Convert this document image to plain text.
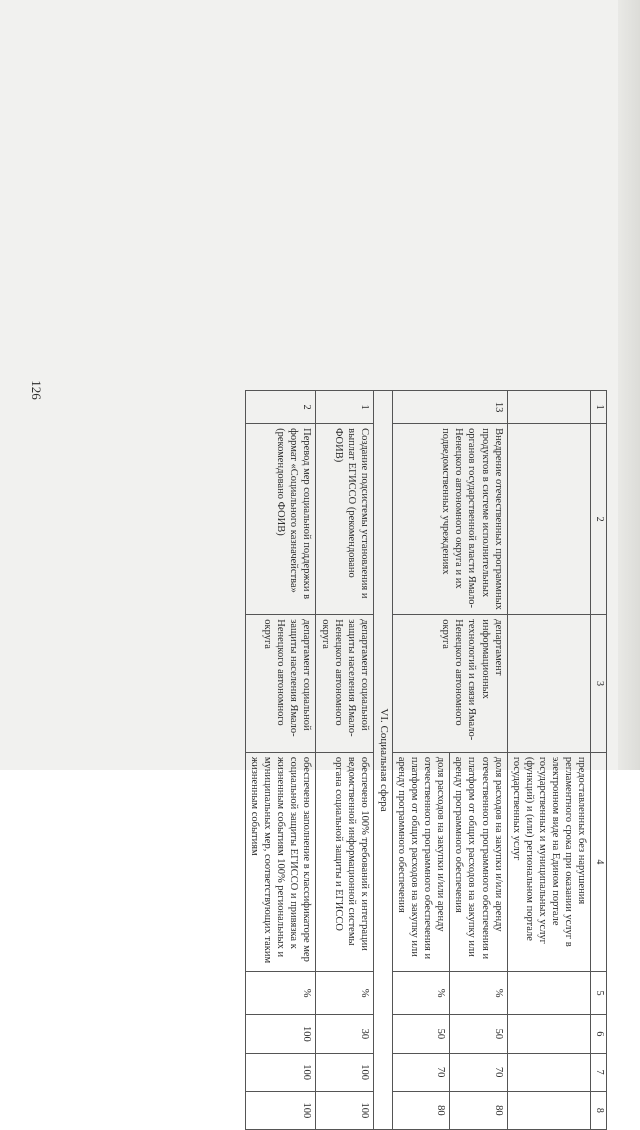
126
1	2	3	4	5	6	7	8
			предоставленных без нарушения регламентного срока при оказании услуг в электронном виде на Едином портале государственных и муниципальных услуг (функций) и (или) региональном портале государственных услуг				
13	Внедрение отечественных программных продуктов в системе исполнительных органов государственной власти Ямало-Ненецкого автономного округа и их подведомственных учреждениях	департамент информационных технологий и связи Ямало-Ненецкого автономного округа	доля расходов на закупки и/или аренду отечественного программного обеспечения и платформ от общих расходов на закупку или аренду программного обеспечения	%	50	70	80
			доля расходов на закупки и/или аренду отечественного программного обеспечения и платформ от общих расходов на закупку или аренду программного обеспечения	%	50	70	80
VI. Социальная сфера							
1	Создание подсистемы установления и выплат ЕГИССО (рекомендовано ФОИВ)	департамент социальной защиты населения Ямало-Ненецкого автономного округа	обеспечено 100% требований к интеграции ведомственной информационной системы органа социальной защиты и ЕГИССО	%	30	100	100
2	Перевод мер социальной поддержки в формат «Социального казначейства» (рекомендовано ФОИВ)	департамент социальной защиты населения Ямало-Ненецкого автономного округа	обеспечено заполнение в классификаторе мер социальной защиты ЕГИССО и привязка к жизненным событиям 100% региональных и муниципальных мер, соответствующих таким жизненным событиям	%	100	100	100
